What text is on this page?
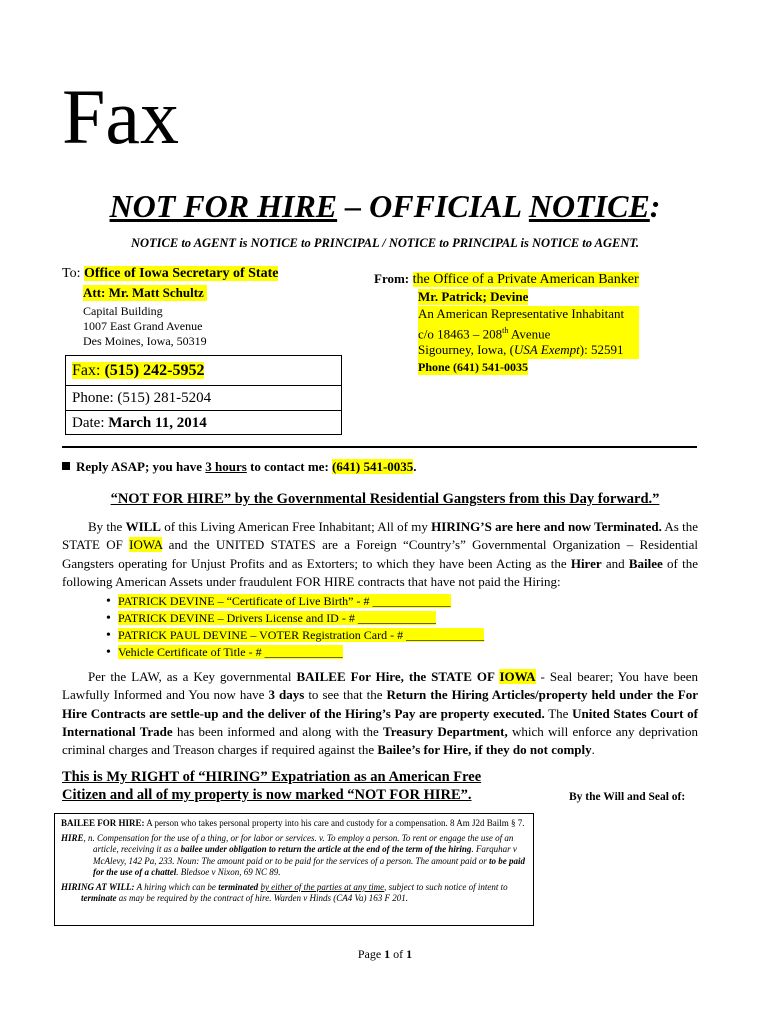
Fax
NOT FOR HIRE – OFFICIAL NOTICE:
NOTICE to AGENT is NOTICE to PRINCIPAL / NOTICE to PRINCIPAL is NOTICE to AGENT.
To: Office of Iowa Secretary of State
Att: Mr. Matt Schultz
Capital Building
1007 East Grand Avenue
Des Moines, Iowa, 50319
From: the Office of a Private American Banker
Mr. Patrick; Devine
An American Representative Inhabitant
c/o 18463 – 208th Avenue
Sigourney, Iowa, (USA Exempt): 52591
Phone (641) 541-0035
Fax: (515) 242-5952
Phone: (515) 281-5204
Date: March 11, 2014
Reply ASAP; you have 3 hours to contact me: (641) 541-0035.
“NOT FOR HIRE” by the Governmental Residential Gangsters from this Day forward.”
By the WILL of this Living American Free Inhabitant; All of my HIRING’S are here and now Terminated. As the STATE OF IOWA and the UNITED STATES are a Foreign “Country’s” Governmental Organization – Residential Gangsters operating for Unjust Profits and as Extorters; to which they have been Acting as the Hirer and Bailee of the following American Assets under fraudulent FOR HIRE contracts that have not paid the Hiring:
• PATRICK DEVINE – “Certificate of Live Birth” - # _____________
• PATRICK DEVINE – Drivers License and ID - # _____________
• PATRICK PAUL DEVINE – VOTER Registration Card - # _____________
• Vehicle Certificate of Title - # _____________
Per the LAW, as a Key governmental BAILEE For Hire, the STATE OF IOWA - Seal bearer; You have been Lawfully Informed and You now have 3 days to see that the Return the Hiring Articles/property held under the For Hire Contracts are settle-up and the deliver of the Hiring’s Pay are property executed. The United States Court of International Trade has been informed and along with the Treasury Department, which will enforce any deprivation criminal charges and Treason charges if required against the Bailee’s for Hire, if they do not comply.
This is My RIGHT of “HIRING” Expatriation as an American Free Citizen and all of my property is now marked “NOT FOR HIRE”.	By the Will and Seal of:

BAILEE FOR HIRE: A person who takes personal property into his care and custody for a compensation. 8 Am J2d Bailm § 7.

HIRE, n. Compensation for the use of a thing, or for labor or services. v. To employ a person. To rent or engage the use of an article, receiving it as a bailee under obligation to return the article at the end of the term of the hiring. Farquhar v McAlevy, 142 Pa, 233. Noun: The amount paid or to be paid for the services of a person. The amount paid or to be paid for the use of a chattel. Bledsoe v Nixon, 69 NC 89.

HIRING AT WILL: A hiring which can be terminated by either of the parties at any time, subject to such notice of intent to terminate as may be required by the contract of hire. Warden v Hinds (CA4 Va) 163 F 201.

Page 1 of 1
